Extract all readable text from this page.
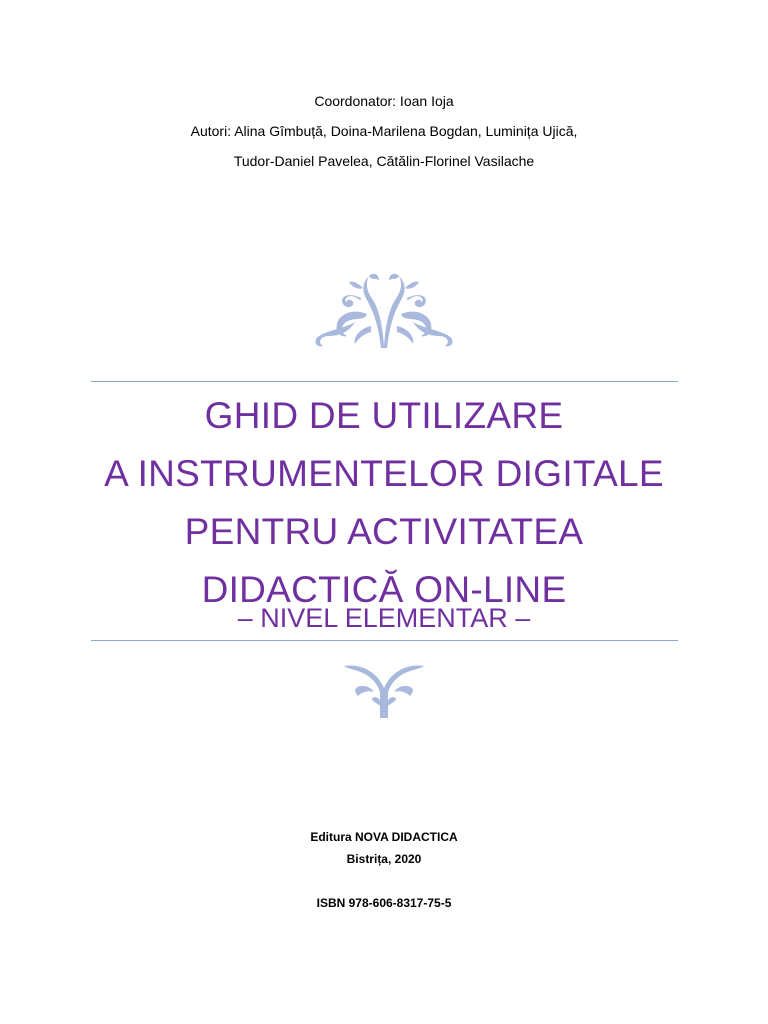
Coordonator: Ioan Ioja
Autori: Alina Gîmbuță, Doina-Marilena Bogdan, Luminița Ujică,
Tudor-Daniel Pavelea, Cătălin-Florinel Vasilache
GHID DE UTILIZARE
A INSTRUMENTELOR DIGITALE
PENTRU ACTIVITATEA
DIDACTICĂ ON-LINE
– NIVEL ELEMENTAR –
Editura NOVA DIDACTICA
Bistrița, 2020
ISBN 978-606-8317-75-5
